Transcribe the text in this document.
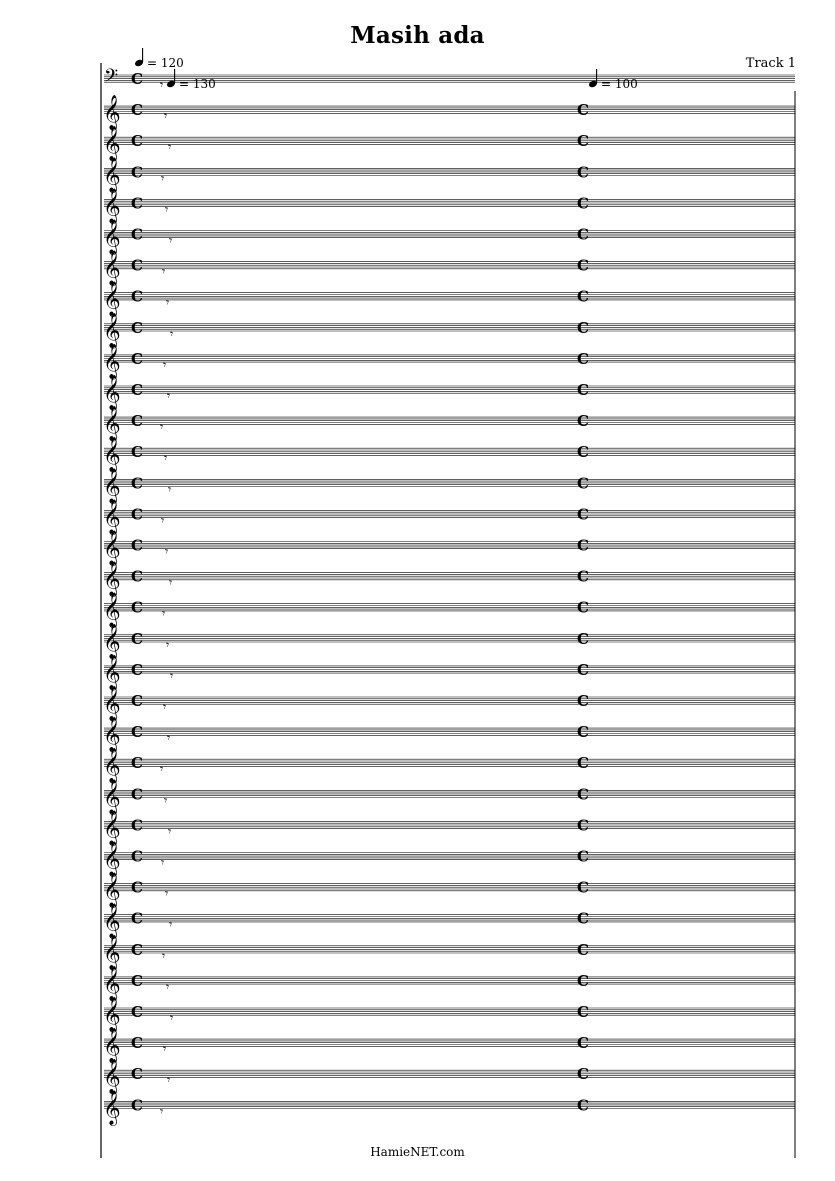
Masih ada
Track 1
𝄢 C 𝄾
𝄞 C	C
𝄾
𝄞 C	C
𝄾
𝄞 C	C
𝄾
𝄞 C	C
𝄾
𝄞 C	C
𝄾
𝄞 C	C
𝄾
𝄞 C	C
𝄾
𝄞 C	C
𝄾
𝄞 C	C
𝄾
𝄞 C	C
𝄾
𝄞 C	C
𝄾
𝄞 C	C
𝄾
𝄞 C	C
𝄾
𝄞 C	C
𝄾
𝄞 C	C
𝄾
𝄞 C	C
𝄾
𝄞 C	C
𝄾
𝄞 C	C
𝄾
𝄞 C	C
𝄾
𝄞 C	C
𝄾
𝄞 C	C
𝄾
𝄞 C	C
𝄾
𝄞 C	C
𝄾
𝄞 C	C
𝄾
𝄞 C	C
𝄾
𝄞 C	C
𝄾
𝄞 C	C
𝄾
𝄞 C	C
𝄾
𝄞 C	C
𝄾
𝄞 C	C
𝄾
𝄞 C	C
𝄾
𝄞 C	C
𝄾
𝄞 C	C
𝄾
= 120
= 130	= 100
HamieNET.com
